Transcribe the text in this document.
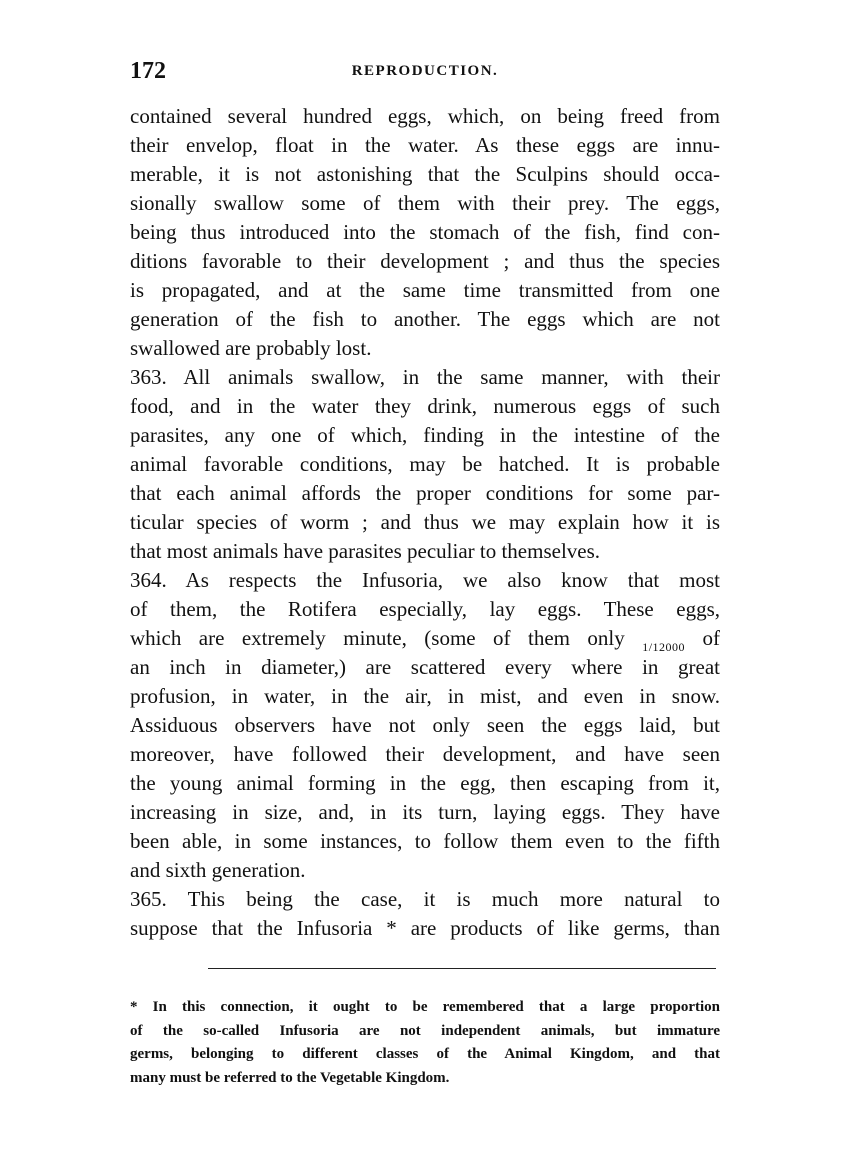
172	REPRODUCTION.
contained several hundred eggs, which, on being freed from
their envelop, float in the water. As these eggs are innu-
merable, it is not astonishing that the Sculpins should occa-
sionally swallow some of them with their prey. The eggs,
being thus introduced into the stomach of the fish, find con-
ditions favorable to their development ; and thus the species
is propagated, and at the same time transmitted from one
generation of the fish to another. The eggs which are not
swallowed are probably lost.
363. All animals swallow, in the same manner, with their
food, and in the water they drink, numerous eggs of such
parasites, any one of which, finding in the intestine of the
animal favorable conditions, may be hatched. It is probable
that each animal affords the proper conditions for some par-
ticular species of worm ; and thus we may explain how it is
that most animals have parasites peculiar to themselves.
364. As respects the Infusoria, we also know that most
of them, the Rotifera especially, lay eggs. These eggs,
which are extremely minute, (some of them only 1/12000 of
an inch in diameter,) are scattered every where in great
profusion, in water, in the air, in mist, and even in snow.
Assiduous observers have not only seen the eggs laid, but
moreover, have followed their development, and have seen
the young animal forming in the egg, then escaping from it,
increasing in size, and, in its turn, laying eggs. They have
been able, in some instances, to follow them even to the fifth
and sixth generation.
365. This being the case, it is much more natural to
suppose that the Infusoria * are products of like germs, than
* In this connection, it ought to be remembered that a large proportion
of the so-called Infusoria are not independent animals, but immature
germs, belonging to different classes of the Animal Kingdom, and that
many must be referred to the Vegetable Kingdom.
